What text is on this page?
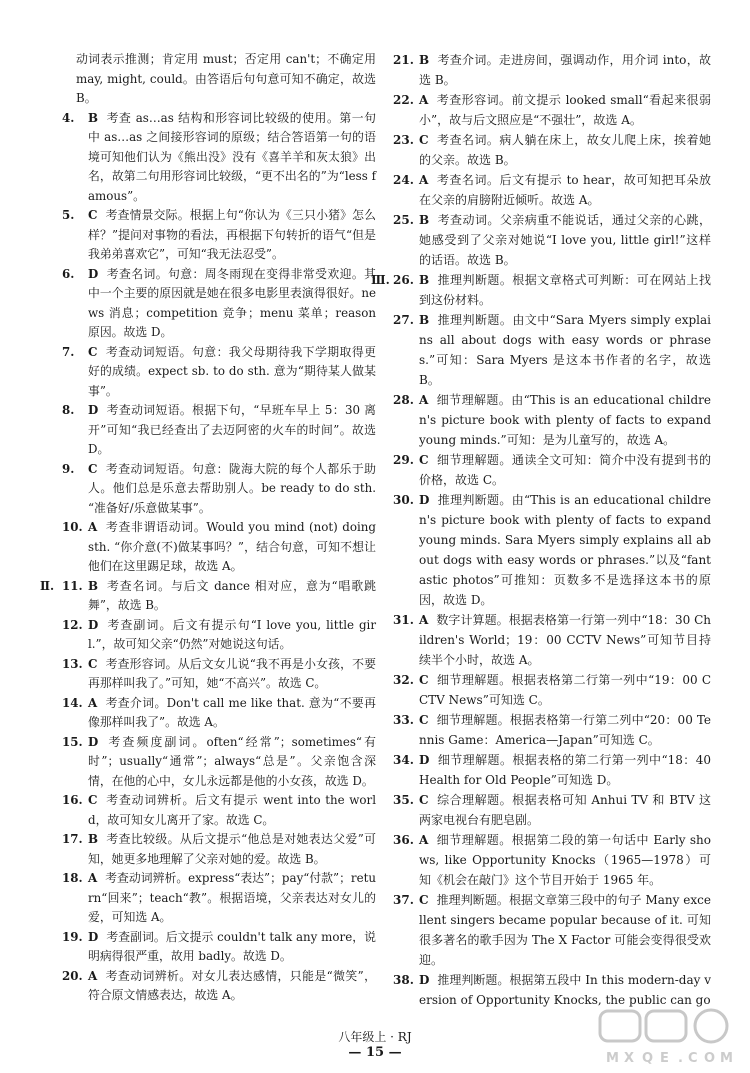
动词表示推测；肯定用 must；否定用 can't；不确定用 may, might, could。由答语后句句意可知不确定，故选 B。

4. B 考查 as…as 结构和形容词比较级的使用。第一句中 as…as 之间接形容词的原级；结合答语第一句的语境可知他们认为《熊出没》没有《喜羊羊和灰太狼》出名，故第二句用形容词比较级，“更不出名的”为“less famous”。

5. C 考查情景交际。根据上句“你认为《三只小猪》怎么样？”提问对事物的看法，再根据下句转折的语气“但是我弟弟喜欢它”，可知“我无法忍受”。

6. D 考查名词。句意：周冬雨现在变得非常受欢迎。其中一个主要的原因就是她在很多电影里表演得很好。news 消息；competition 竞争；menu 菜单；reason 原因。故选 D。

7. C 考查动词短语。句意：我父母期待我下学期取得更好的成绩。expect sb. to do sth. 意为“期待某人做某事”。

8. D 考查动词短语。根据下句，“早班车早上 5：30 离开”可知“我已经查出了去迈阿密的火车的时间”。故选 D。

9. C 考查动词短语。句意：陇海大院的每个人都乐于助人。他们总是乐意去帮助别人。be ready to do sth. “准备好/乐意做某事”。

10. A 考查非谓语动词。Would you mind (not) doing sth. “你介意(不)做某事吗？”，结合句意，可知不想让他们在这里踢足球，故选 A。

Ⅱ. 11. B 考查名词。与后文 dance 相对应，意为“唱歌跳舞”，故选 B。

12. D 考查副词。后文有提示句“I love you, little girl.”，故可知父亲“仍然”对她说这句话。

13. C 考查形容词。从后文女儿说“我不再是小女孩，不要再那样叫我了。”可知，她“不高兴”。故选 C。

14. A 考查介词。Don't call me like that. 意为“不要再像那样叫我了”。故选 A。

15. D 考查频度副词。often“经常”；sometimes“有时”；usually“通常”；always“总是”。父亲饱含深情，在他的心中，女儿永远都是他的小女孩，故选 D。

16. C 考查动词辨析。后文有提示 went into the world，故可知女儿离开了家。故选 C。

17. B 考查比较级。从后文提示“他总是对她表达父爱”可知，她更多地理解了父亲对她的爱。故选 B。

18. A 考查动词辨析。express“表达”；pay“付款”；return“回来”；teach“教”。根据语境，父亲表达对女儿的爱，可知选 A。

19. D 考查副词。后文提示 couldn't talk any more，说明病得很严重，故用 badly。故选 D。

20. A 考查动词辨析。对女儿表达感情，只能是“微笑”，符合原文情感表达，故选 A。

21. B 考查介词。走进房间，强调动作，用介词 into，故选 B。

22. A 考查形容词。前文提示 looked small“看起来很弱小”，故与后文照应是“不强壮”，故选 A。

23. C 考查名词。病人躺在床上，故女儿爬上床，挨着她的父亲。故选 B。

24. A 考查名词。后文有提示 to hear，故可知把耳朵放在父亲的肩膀附近倾听。故选 A。

25. B 考查动词。父亲病重不能说话，通过父亲的心跳，她感受到了父亲对她说“I love you, little girl!”这样的话语。故选 B。

Ⅲ. 26. B 推理判断题。根据文章格式可判断：可在网站上找到这份材料。

27. B 推理判断题。由文中“Sara Myers simply explains all about dogs with easy words or phrases.”可知：Sara Myers 是这本书作者的名字，故选 B。

28. A 细节理解题。由“This is an educational children's picture book with plenty of facts to expand young minds.”可知：是为儿童写的，故选 A。

29. C 细节理解题。通读全文可知：简介中没有提到书的价格，故选 C。

30. D 推理判断题。由“This is an educational children's picture book with plenty of facts to expand young minds. Sara Myers simply explains all about dogs with easy words or phrases.”以及“fantastic photos”可推知：页数多不是选择这本书的原因，故选 D。

31. A 数字计算题。根据表格第一行第一列中“18：30 Children's World；19：00 CCTV News”可知节目持续半个小时，故选 A。

32. C 细节理解题。根据表格第二行第一列中“19：00 CCTV News”可知选 C。

33. C 细节理解题。根据表格第一行第二列中“20：00 Tennis Game：America—Japan”可知选 C。

34. D 细节理解题。根据表格的第二行第一列中“18：40 Health for Old People”可知选 D。

35. C 综合理解题。根据表格可知 Anhui TV 和 BTV 这两家电视台有肥皂剧。

36. A 细节理解题。根据第二段的第一句话中 Early shows, like Opportunity Knocks（1965—1978）可知《机会在敲门》这个节目开始于 1965 年。

37. C 推理判断题。根据文章第三段中的句子 Many excellent singers became popular because of it. 可知很多著名的歌手因为 The X Factor 可能会变得很受欢迎。

38. D 推理判断题。根据第五段中 In this modern-day version of Opportunity Knocks, the public can go

八年级上 · RJ
— 15 —	M X Q E . C O M
